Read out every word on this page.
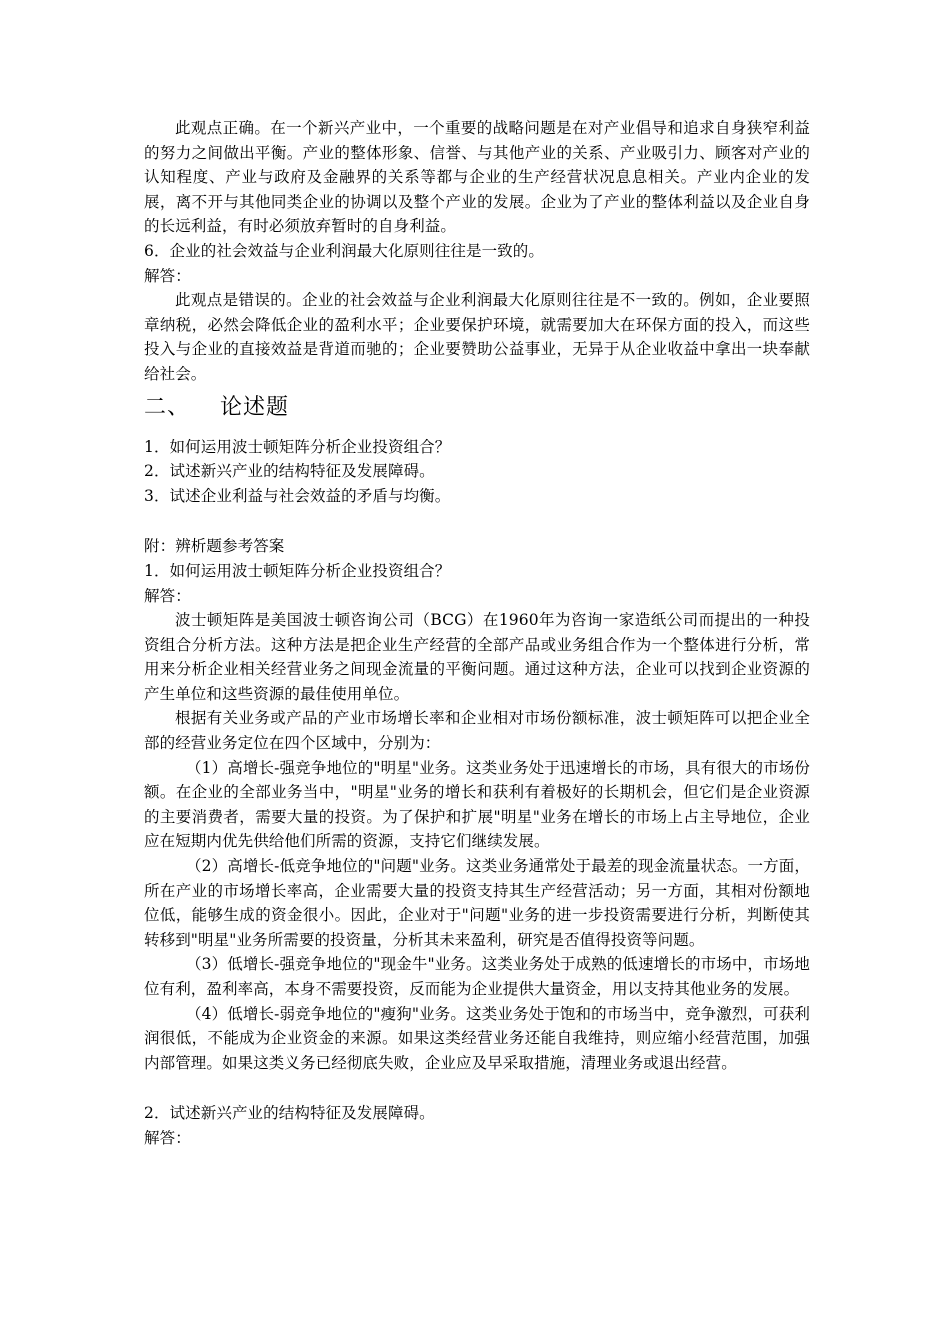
此观点正确。在一个新兴产业中，一个重要的战略问题是在对产业倡导和追求自身狭窄利益的努力之间做出平衡。产业的整体形象、信誉、与其他产业的关系、产业吸引力、顾客对产业的认知程度、产业与政府及金融界的关系等都与企业的生产经营状况息息相关。产业内企业的发展，离不开与其他同类企业的协调以及整个产业的发展。企业为了产业的整体利益以及企业自身的长远利益，有时必须放弃暂时的自身利益。

6．企业的社会效益与企业利润最大化原则往往是一致的。

解答：

此观点是错误的。企业的社会效益与企业利润最大化原则往往是不一致的。例如，企业要照章纳税，必然会降低企业的盈利水平；企业要保护环境，就需要加大在环保方面的投入，而这些投入与企业的直接效益是背道而驰的；企业要赞助公益事业，无异于从企业收益中拿出一块奉献给社会。

二、 论述题

1．如何运用波士顿矩阵分析企业投资组合？

2．试述新兴产业的结构特征及发展障碍。

3．试述企业利益与社会效益的矛盾与均衡。

附：辨析题参考答案

1．如何运用波士顿矩阵分析企业投资组合？

解答：

波士顿矩阵是美国波士顿咨询公司（BCG）在1960年为咨询一家造纸公司而提出的一种投资组合分析方法。这种方法是把企业生产经营的全部产品或业务组合作为一个整体进行分析，常用来分析企业相关经营业务之间现金流量的平衡问题。通过这种方法，企业可以找到企业资源的产生单位和这些资源的最佳使用单位。

根据有关业务或产品的产业市场增长率和企业相对市场份额标准，波士顿矩阵可以把企业全部的经营业务定位在四个区域中，分别为：

（1）高增长-强竞争地位的"明星"业务。这类业务处于迅速增长的市场，具有很大的市场份额。在企业的全部业务当中，"明星"业务的增长和获利有着极好的长期机会，但它们是企业资源的主要消费者，需要大量的投资。为了保护和扩展"明星"业务在增长的市场上占主导地位，企业应在短期内优先供给他们所需的资源，支持它们继续发展。

（2）高增长-低竞争地位的"问题"业务。这类业务通常处于最差的现金流量状态。一方面，所在产业的市场增长率高，企业需要大量的投资支持其生产经营活动；另一方面，其相对份额地位低，能够生成的资金很小。因此，企业对于"问题"业务的进一步投资需要进行分析，判断使其转移到"明星"业务所需要的投资量，分析其未来盈利，研究是否值得投资等问题。

（3）低增长-强竞争地位的"现金牛"业务。这类业务处于成熟的低速增长的市场中，市场地位有利，盈利率高，本身不需要投资，反而能为企业提供大量资金，用以支持其他业务的发展。

（4）低增长-弱竞争地位的"瘦狗"业务。这类业务处于饱和的市场当中，竞争激烈，可获利润很低，不能成为企业资金的来源。如果这类经营业务还能自我维持，则应缩小经营范围，加强内部管理。如果这类义务已经彻底失败，企业应及早采取措施，清理业务或退出经营。

2．试述新兴产业的结构特征及发展障碍。

解答：
